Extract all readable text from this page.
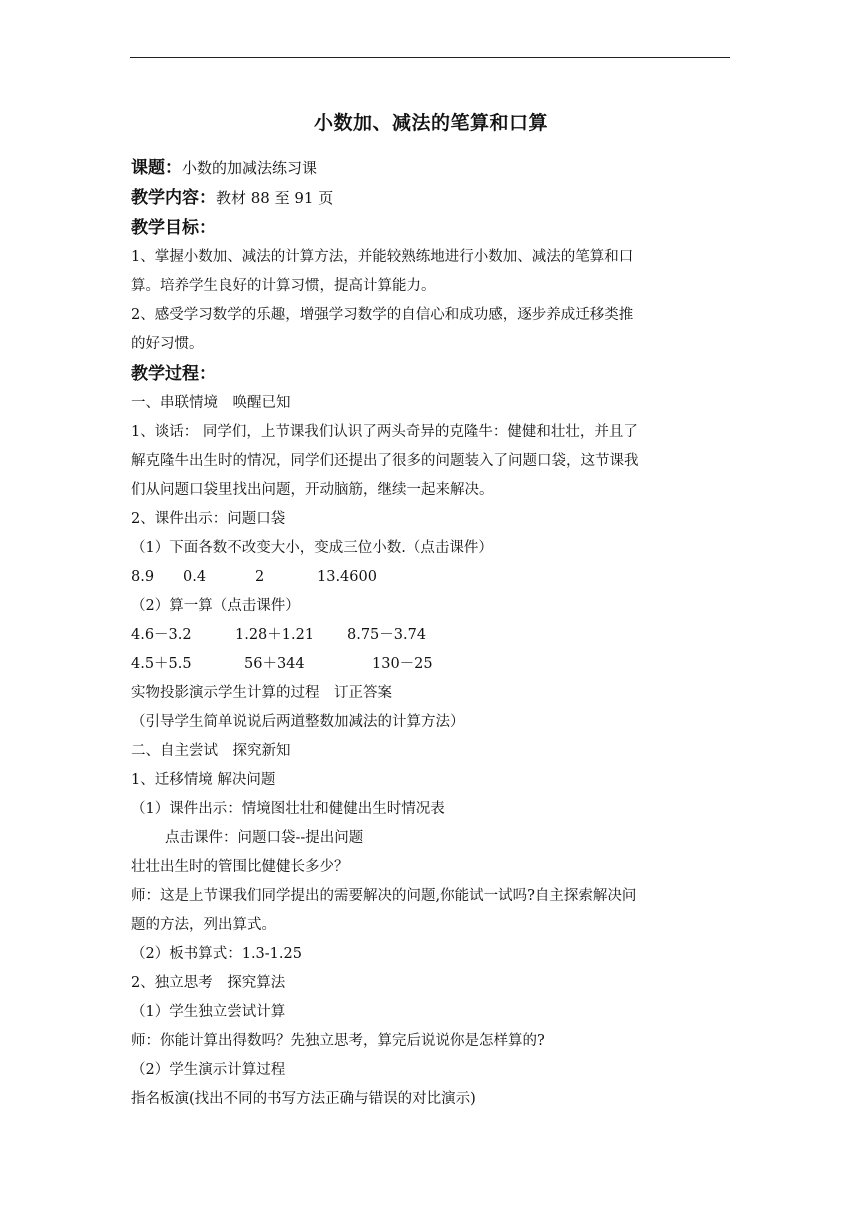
小数加、减法的笔算和口算
课题：小数的加减法练习课
教学内容：教材 88 至 91 页
教学目标：
1、掌握小数加、减法的计算方法，并能较熟练地进行小数加、减法的笔算和口
算。培养学生良好的计算习惯，提高计算能力。
2、感受学习数学的乐趣，增强学习数学的自信心和成功感，逐步养成迁移类推
的好习惯。
教学过程：
一、串联情境　唤醒已知
1、谈话： 同学们，上节课我们认识了两头奇异的克隆牛：健健和壮壮，并且了
解克隆牛出生时的情况，同学们还提出了很多的问题装入了问题口袋，这节课我
们从问题口袋里找出问题，开动脑筋，继续一起来解决。
2、课件出示：问题口袋
（1）下面各数不改变大小，变成三位小数.（点击课件）
8.9 0.4	2	13.4600
（2）算一算（点击课件）
4.6－3.2	1.28＋1.21 8.75－3.74
4.5＋5.5	56＋344	130－25
实物投影演示学生计算的过程　订正答案
（引导学生简单说说后两道整数加减法的计算方法）
二、自主尝试　探究新知
1、迁移情境 解决问题
（1）课件出示：情境图壮壮和健健出生时情况表
点击课件：问题口袋--提出问题
壮壮出生时的管围比健健长多少？
师：这是上节课我们同学提出的需要解决的问题,你能试一试吗?自主探索解决问
题的方法，列出算式。
（2）板书算式：1.3-1.25
2、独立思考　探究算法
（1）学生独立尝试计算
师：你能计算出得数吗？先独立思考，算完后说说你是怎样算的?
（2）学生演示计算过程
指名板演(找出不同的书写方法正确与错误的对比演示)
